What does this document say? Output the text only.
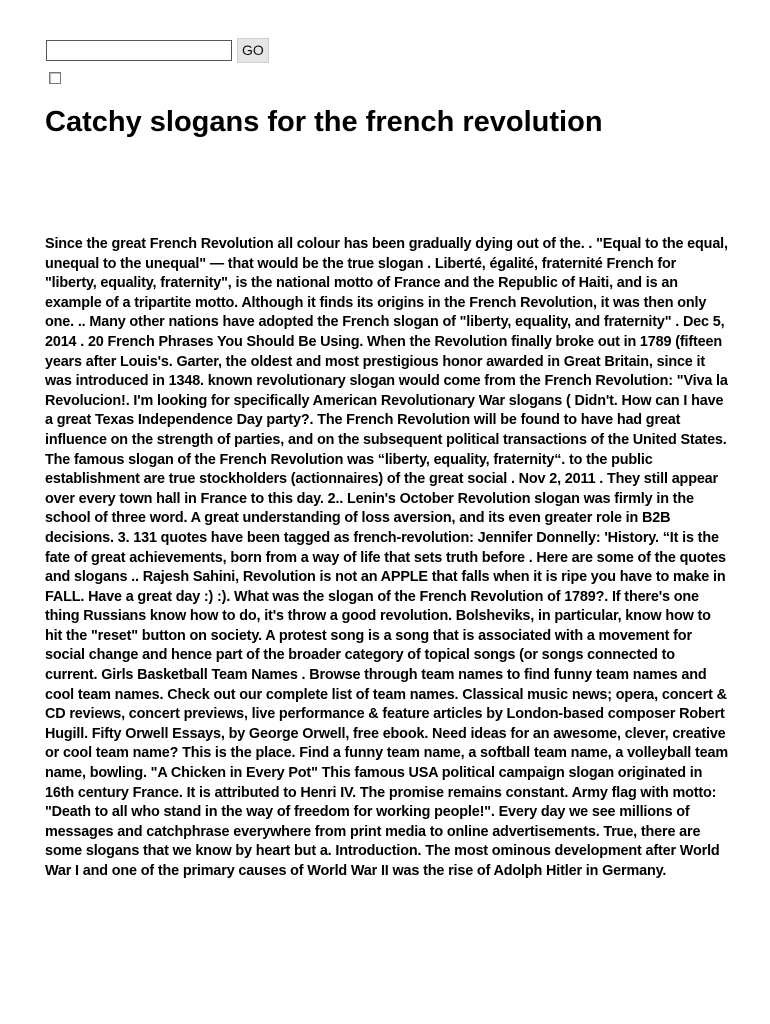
GO
Catchy slogans for the french revolution

Since the great French Revolution all colour has been gradually dying out of the. . "Equal to the equal, unequal to the unequal" — that would be the true slogan . Liberté, égalité, fraternité French for "liberty, equality, fraternity", is the national motto of France and the Republic of Haiti, and is an example of a tripartite motto. Although it finds its origins in the French Revolution, it was then only one. .. Many other nations have adopted the French slogan of "liberty, equality, and fraternity" . Dec 5, 2014 . 20 French Phrases You Should Be Using. When the Revolution finally broke out in 1789 (fifteen years after Louis's. Garter, the oldest and most prestigious honor awarded in Great Britain, since it was introduced in 1348. known revolutionary slogan would come from the French Revolution: "Viva la Revolucion!. I'm looking for specifically American Revolutionary War slogans ( Didn't. How can I have a great Texas Independence Day party?. The French Revolution will be found to have had great influence on the strength of parties, and on the subsequent political transactions of the United States. The famous slogan of the French Revolution was “liberty, equality, fraternity“. to the public establishment are true stockholders (actionnaires) of the great social . Nov 2, 2011 . They still appear over every town hall in France to this day. 2.. Lenin's October Revolution slogan was firmly in the school of three word. A great understanding of loss aversion, and its even greater role in B2B decisions. 3. 131 quotes have been tagged as french-revolution: Jennifer Donnelly: 'History. “It is the fate of great achievements, born from a way of life that sets truth before . Here are some of the quotes and slogans .. Rajesh Sahini, Revolution is not an APPLE that falls when it is ripe you have to make in FALL. Have a great day :) :). What was the slogan of the French Revolution of 1789?. If there's one thing Russians know how to do, it's throw a good revolution. Bolsheviks, in particular, know how to hit the "reset" button on society. A protest song is a song that is associated with a movement for social change and hence part of the broader category of topical songs (or songs connected to current. Girls Basketball Team Names . Browse through team names to find funny team names and cool team names. Check out our complete list of team names. Classical music news; opera, concert & CD reviews, concert previews, live performance & feature articles by London-based composer Robert Hugill. Fifty Orwell Essays, by George Orwell, free ebook. Need ideas for an awesome, clever, creative or cool team name? This is the place. Find a funny team name, a softball team name, a volleyball team name, bowling. "A Chicken in Every Pot" This famous USA political campaign slogan originated in 16th century France. It is attributed to Henri IV. The promise remains constant. Army flag with motto: "Death to all who stand in the way of freedom for working people!". Every day we see millions of messages and catchphrase everywhere from print media to online advertisements. True, there are some slogans that we know by heart but a. Introduction. The most ominous development after World War I and one of the primary causes of World War II was the rise of Adolph Hitler in Germany.
